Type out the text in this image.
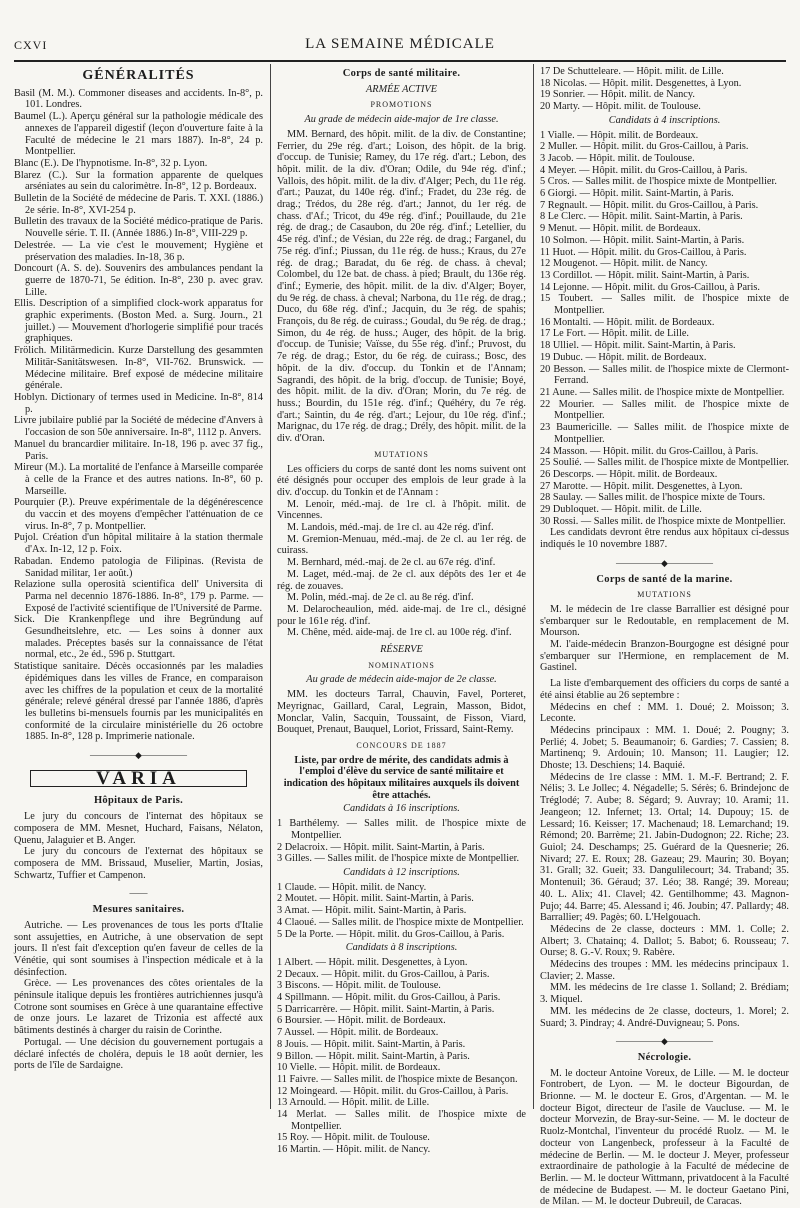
CXVI	LA SEMAINE MÉDICALE
GÉNÉRALITÉS

Basil (M. M.). Commoner diseases and accidents. In-8°, p. 101. Londres.

Baumel (L.). Aperçu général sur la pathologie médicale des annexes de l'appareil digestif (leçon d'ouverture faite à la Faculté de médecine le 21 mars 1887). In-8°, 24 p. Montpellier.

Blanc (E.). De l'hypnotisme. In-8°, 32 p. Lyon.

Blarez (C.). Sur la formation apparente de quelques arséniates au sein du calorimètre. In-8°, 12 p. Bordeaux.

Bulletin de la Société de médecine de Paris. T. XXI. (1886.) 2e série. In-8°, XVI-254 p.

Bulletin des travaux de la Société médico-pratique de Paris. Nouvelle série. T. II. (Année 1886.) In-8°, VIII-229 p.

Delestrée. — La vie c'est le mouvement; Hygiène et préservation des maladies. In-18, 36 p.

Doncourt (A. S. de). Souvenirs des ambulances pendant la guerre de 1870-71, 5e édition. In-8°, 230 p. avec grav. Lille.

Ellis. Description of a simplified clock-work apparatus for graphic experiments. (Boston Med. a. Surg. Journ., 21 juillet.) — Mouvement d'horlogerie simplifié pour tracés graphiques.

Frölich. Militärmedicin. Kurze Darstellung des gesammten Militär-Sanitätswesen. In-8°, VII-762. Brunswick. — Médecine militaire. Bref exposé de médecine militaire générale.

Hoblyn. Dictionary of termes used in Medicine. In-8°, 814 p.

Livre jubilaire publié par la Société de médecine d'Anvers à l'occasion de son 50e anniversaire. In-8°, 1112 p. Anvers.

Manuel du brancardier militaire. In-18, 196 p. avec 37 fig., Paris.

Mireur (M.). La mortalité de l'enfance à Marseille comparée à celle de la France et des autres nations. In-8°, 60 p. Marseille.

Pourquier (P.). Preuve expérimentale de la dégénérescence du vaccin et des moyens d'empêcher l'atténuation de ce virus. In-8°, 7 p. Montpellier.

Pujol. Création d'un hôpital militaire à la station thermale d'Ax. In-12, 12 p. Foix.

Rabadan. Endemo patologia de Filipinas. (Revista de Sanidad militar, 1er août.)

Relazione sulla operosità scientifica dell' Universita di Parma nel decennio 1876-1886. In-8°, 179 p. Parme. — Exposé de l'activité scientifique de l'Université de Parme.

Sick. Die Krankenpflege und ihre Begründung auf Gesundheitslehre, etc. — Les soins à donner aux malades. Préceptes basés sur la connaissance de l'état normal, etc., 2e éd., 596 p. Stuttgart.

Statistique sanitaire. Décès occasionnés par les maladies épidémiques dans les villes de France, en comparaison avec les chiffres de la population et ceux de la mortalité générale; relevé général dressé par l'année 1886, d'après les bulletins bi-mensuels fournis par les municipalités en conformité de la circulaire ministérielle du 26 octobre 1885. In-8°, 128 p. Imprimerie nationale.

—————◆—————
VARIA
Hôpitaux de Paris.

Le jury du concours de l'internat des hôpitaux se composera de MM. Mesnet, Huchard, Faisans, Nélaton, Quenu, Jalaguier et B. Anger.

Le jury du concours de l'externat des hôpitaux se composera de MM. Brissaud, Muselier, Martin, Josias, Schwartz, Tuffier et Campenon.

——
Mesures sanitaires.

Autriche. — Les provenances de tous les ports d'Italie sont assujetties, en Autriche, à une observation de sept jours. Il n'est fait d'exception qu'en faveur de celles de la Vénétie, qui sont soumises à l'inspection médicale et à la désinfection.

Grèce. — Les provenances des côtes orientales de la péninsule italique depuis les frontières autrichiennes jusqu'à Cotrone sont soumises en Grèce à une quarantaine effective de onze jours. Le lazaret de Trizonia est affecté aux bâtiments destinés à charger du raisin de Corinthe.

Portugal. — Une décision du gouvernement portugais a déclaré infectés de choléra, depuis le 18 août dernier, les ports de l'île de Sardaigne.

Corps de santé militaire.
ARMÉE ACTIVE
PROMOTIONS
Au grade de médecin aide-major de 1re classe.

MM. Bernard, des hôpit. milit. de la div. de Constantine; Ferrier, du 29e rég. d'art.; Loison, des hôpit. de la brig. d'occup. de Tunisie; Ramey, du 17e rég. d'art.; Lebon, des hôpit. milit. de la div. d'Oran; Odile, du 94e rég. d'inf.; Vallois, des hôpit. milit. de la div. d'Alger; Pech, du 11e rég. d'art.; Pauzat, du 140e rég. d'inf.; Fradet, du 23e rég. de drag.; Trédos, du 28e rég. d'art.; Jannot, du 1er rég. de chass. d'Af.; Tricot, du 49e rég. d'inf.; Pouillaude, du 21e rég. de drag.; de Casaubon, du 20e rég. d'inf.; Letellier, du 45e rég. d'inf.; de Vésian, du 22e rég. de drag.; Farganel, du 75e rég. d'inf.; Piussan, du 11e rég. de huss.; Kraus, du 27e rég. de drag.; Baradat, du 6e rég. de chass. à cheval; Colombel, du 12e bat. de chass. à pied; Brault, du 136e rég. d'inf.; Eymerie, des hôpit. milit. de la div. d'Alger; Boyer, du 9e rég. de chass. à cheval; Narbona, du 11e rég. de drag.; Duco, du 68e rég. d'inf.; Jacquin, du 3e rég. de spahis; François, du 8e rég. de cuirass.; Goudal, du 9e rég. de drag.; Simon, du 4e rég. de huss.; Auger, des hôpit. de la brig. d'occup. de Tunisie; Vaïsse, du 55e rég. d'inf.; Pruvost, du 7e rég. de drag.; Estor, du 6e rég. de cuirass.; Bosc, des hôpit. de la div. d'occup. du Tonkin et de l'Annam; Sagrandi, des hôpit. de la brig. d'occup. de Tunisie; Boyé, des hôpit. milit. de la div. d'Oran; Morin, du 7e rég. de huss.; Bourdin, du 151e rég. d'inf.; Quéhéry, du 7e rég. d'art.; Saintin, du 4e rég. d'art.; Lejour, du 10e rég. d'inf.; Marignac, du 17e rég. de drag.; Drély, des hôpit. milit. de la div. d'Oran.

MUTATIONS

Les officiers du corps de santé dont les noms suivent ont été désignés pour occuper des emplois de leur grade à la div. d'occup. du Tonkin et de l'Annam :

M. Lenoir, méd.-maj. de 1re cl. à l'hôpit. milit. de Vincennes.

M. Landois, méd.-maj. de 1re cl. au 42e rég. d'inf.

M. Gremion-Menuau, méd.-maj. de 2e cl. au 1er rég. de cuirass.

M. Bernhard, méd.-maj. de 2e cl. au 67e rég. d'inf.

M. Laget, méd.-maj. de 2e cl. aux dépôts des 1er et 4e rég. de zouaves.

M. Polin, méd.-maj. de 2e cl. au 8e rég. d'inf.

M. Delarocheaulion, méd. aide-maj. de 1re cl., désigné pour le 161e rég. d'inf.

M. Chêne, méd. aide-maj. de 1re cl. au 100e rég. d'inf.

RÉSERVE
NOMINATIONS
Au grade de médecin aide-major de 2e classe.

MM. les docteurs Tarral, Chauvin, Favel, Porteret, Meyrignac, Gaillard, Caral, Legrain, Masson, Bidot, Monclar, Valin, Sacquin, Toussaint, de Fisson, Viard, Bouquet, Prenaut, Bauquel, Loriot, Frissard, Saint-Remy.

CONCOURS DE 1887

Liste, par ordre de mérite, des candidats admis à l'emploi d'élève du service de santé militaire et indication des hôpitaux militaires auxquels ils doivent être attachés.

Candidats à 16 inscriptions.

1 Barthélemy. — Salles milit. de l'hospice mixte de Montpellier.

2 Delacroix. — Hôpit. milit. Saint-Martin, à Paris.

3 Gilles. — Salles milit. de l'hospice mixte de Montpellier.

Candidats à 12 inscriptions.

1 Claude. — Hôpit. milit. de Nancy.

2 Moutet. — Hôpit. milit. Saint-Martin, à Paris.

3 Amat. — Hôpit. milit. Saint-Martin, à Paris.

4 Claoué. — Salles milit. de l'hospice mixte de Montpellier.

5 De la Porte. — Hôpit. milit. du Gros-Caillou, à Paris.

Candidats à 8 inscriptions.

1 Albert. — Hôpit. milit. Desgenettes, à Lyon.

2 Decaux. — Hôpit. milit. du Gros-Caillou, à Paris.

3 Biscons. — Hôpit. milit. de Toulouse.

4 Spillmann. — Hôpit. milit. du Gros-Caillou, à Paris.

5 Darricarrère. — Hôpit. milit. Saint-Martin, à Paris.

6 Boursier. — Hôpit. milit. de Bordeaux.

7 Aussel. — Hôpit. milit. de Bordeaux.

8 Jouis. — Hôpit. milit. Saint-Martin, à Paris.

9 Billon. — Hôpit. milit. Saint-Martin, à Paris.

10 Vielle. — Hôpit. milit. de Bordeaux.

11 Faivre. — Salles milit. de l'hospice mixte de Besançon.

12 Moingeard. — Hôpit. milit. du Gros-Caillou, à Paris.

13 Arnould. — Hôpit. milit. de Lille.

14 Merlat. — Salles milit. de l'hospice mixte de Montpellier.

15 Roy. — Hôpit. milit. de Toulouse.

16 Martin. — Hôpit. milit. de Nancy.

17 De Schutteleare. — Hôpit. milit. de Lille.

18 Nicolas. — Hôpit. milit. Desgenettes, à Lyon.

19 Sonrier. — Hôpit. milit. de Nancy.

20 Marty. — Hôpit. milit. de Toulouse.

Candidats à 4 inscriptions.

1 Vialle. — Hôpit. milit. de Bordeaux.

2 Muller. — Hôpit. milit. du Gros-Caillou, à Paris.

3 Jacob. — Hôpit. milit. de Toulouse.

4 Meyer. — Hôpit. milit. du Gros-Caillou, à Paris.

5 Cros. — Salles milit. de l'hospice mixte de Montpellier.

6 Giorgi. — Hôpit. milit. Saint-Martin, à Paris.

7 Regnault. — Hôpit. milit. du Gros-Caillou, à Paris.

8 Le Clerc. — Hôpit. milit. Saint-Martin, à Paris.

9 Menut. — Hôpit. milit. de Bordeaux.

10 Solmon. — Hôpit. milit. Saint-Martin, à Paris.

11 Huot. — Hôpit. milit. du Gros-Caillou, à Paris.

12 Mougenot. — Hôpit. milit. de Nancy.

13 Cordillot. — Hôpit. milit. Saint-Martin, à Paris.

14 Lejonne. — Hôpit. milit. du Gros-Caillou, à Paris.

15 Toubert. — Salles milit. de l'hospice mixte de Montpellier.

16 Montalti. — Hôpit. milit. de Bordeaux.

17 Le Fort. — Hôpit. milit. de Lille.

18 Ulliel. — Hôpit. milit. Saint-Martin, à Paris.

19 Dubuc. — Hôpit. milit. de Bordeaux.

20 Besson. — Salles milit. de l'hospice mixte de Clermont-Ferrand.

21 Aune. — Salles milit. de l'hospice mixte de Montpellier.

22 Mourier. — Salles milit. de l'hospice mixte de Montpellier.

23 Baumericille. — Salles milit. de l'hospice mixte de Montpellier.

24 Masson. — Hôpit. milit. du Gros-Caillou, à Paris.

25 Soulié. — Salles milit. de l'hospice mixte de Montpellier.

26 Descorps. — Hôpit. milit. de Bordeaux.

27 Marotte. — Hôpit. milit. Desgenettes, à Lyon.

28 Saulay. — Salles milit. de l'hospice mixte de Tours.

29 Dubloquet. — Hôpit. milit. de Lille.

30 Rossi. — Salles milit. de l'hospice mixte de Montpellier.

Les candidats devront être rendus aux hôpitaux ci-dessus indiqués le 10 novembre 1887.

—————◆—————
Corps de santé de la marine.
MUTATIONS

M. le médecin de 1re classe Barrallier est désigné pour s'embarquer sur le Redoutable, en remplacement de M. Mourson.

M. l'aide-médecin Branzon-Bourgogne est désigné pour s'embarquer sur l'Hermione, en remplacement de M. Gastinel.

La liste d'embarquement des officiers du corps de santé a été ainsi établie au 26 septembre :

Médecins en chef : MM. 1. Doué; 2. Moisson; 3. Leconte.

Médecins principaux : MM. 1. Doué; 2. Pougny; 3. Perlié; 4. Jobet; 5. Beaumanoir; 6. Gardies; 7. Cassien; 8. Martinenq; 9. Ardouin; 10. Manson; 11. Laugier; 12. Dhoste; 13. Deschiens; 14. Baquié.

Médecins de 1re classe : MM. 1. M.-F. Bertrand; 2. F. Nélis; 3. Le Jollec; 4. Négadelle; 5. Sérès; 6. Brindejonc de Tréglodé; 7. Aube; 8. Ségard; 9. Auvray; 10. Arami; 11. Jeangeon; 12. Infernet; 13. Ortal; 14. Dupouy; 15. de Lessard; 16. Keisser; 17. Machenaud; 18. Lemarchand; 19. Rémond; 20. Barrème; 21. Jabin-Dudognon; 22. Riche; 23. Guiol; 24. Deschamps; 25. Guérard de la Quesnerie; 26. Nivard; 27. E. Roux; 28. Gazeau; 29. Maurin; 30. Boyan; 31. Grall; 32. Gueit; 33. Dangulilecourt; 34. Traband; 35. Montenuil; 36. Géraud; 37. Léo; 38. Rangé; 39. Moreau; 40. L. Alix; 41. Clavel; 42. Gentilhomme; 43. Magnon-Pujo; 44. Barre; 45. Alessand i; 46. Joubin; 47. Pallardy; 48. Barrallier; 49. Pagès; 60. L'Helgouach.

Médecins de 2e classe, docteurs : MM. 1. Colle; 2. Albert; 3. Chatainq; 4. Dallot; 5. Babot; 6. Rousseau; 7. Ourse; 8. G.-V. Roux; 9. Rabère.

Médecins des troupes : MM. les médecins principaux 1. Clavier; 2. Masse.

MM. les médecins de 1re classe 1. Solland; 2. Brédiam; 3. Miquel.

MM. les médecins de 2e classe, docteurs, 1. Morel; 2. Suard; 3. Pindray; 4. André-Duvigneau; 5. Pons.

—————◆—————
Nécrologie.

M. le docteur Antoine Voreux, de Lille. — M. le docteur Fontrobert, de Lyon. — M. le docteur Bigourdan, de Brionne. — M. le docteur E. Gros, d'Argentan. — M. le docteur Bigot, directeur de l'asile de Vaucluse. — M. le docteur Morvezin, de Bray-sur-Seine. — M. le docteur de Ruolz-Montchal, l'inventeur du procédé Ruolz. — M. le docteur von Langenbeck, professeur à la Faculté de médecine de Berlin. — M. le docteur J. Meyer, professeur extraordinaire de pathologie à la Faculté de médecine de Berlin. — M. le docteur Wittmann, privatdocent à la Faculté de médecine de Budapest. — M. le docteur Gaetano Pini, de Milan. — M. le docteur Dubreuil, de Caracas.
